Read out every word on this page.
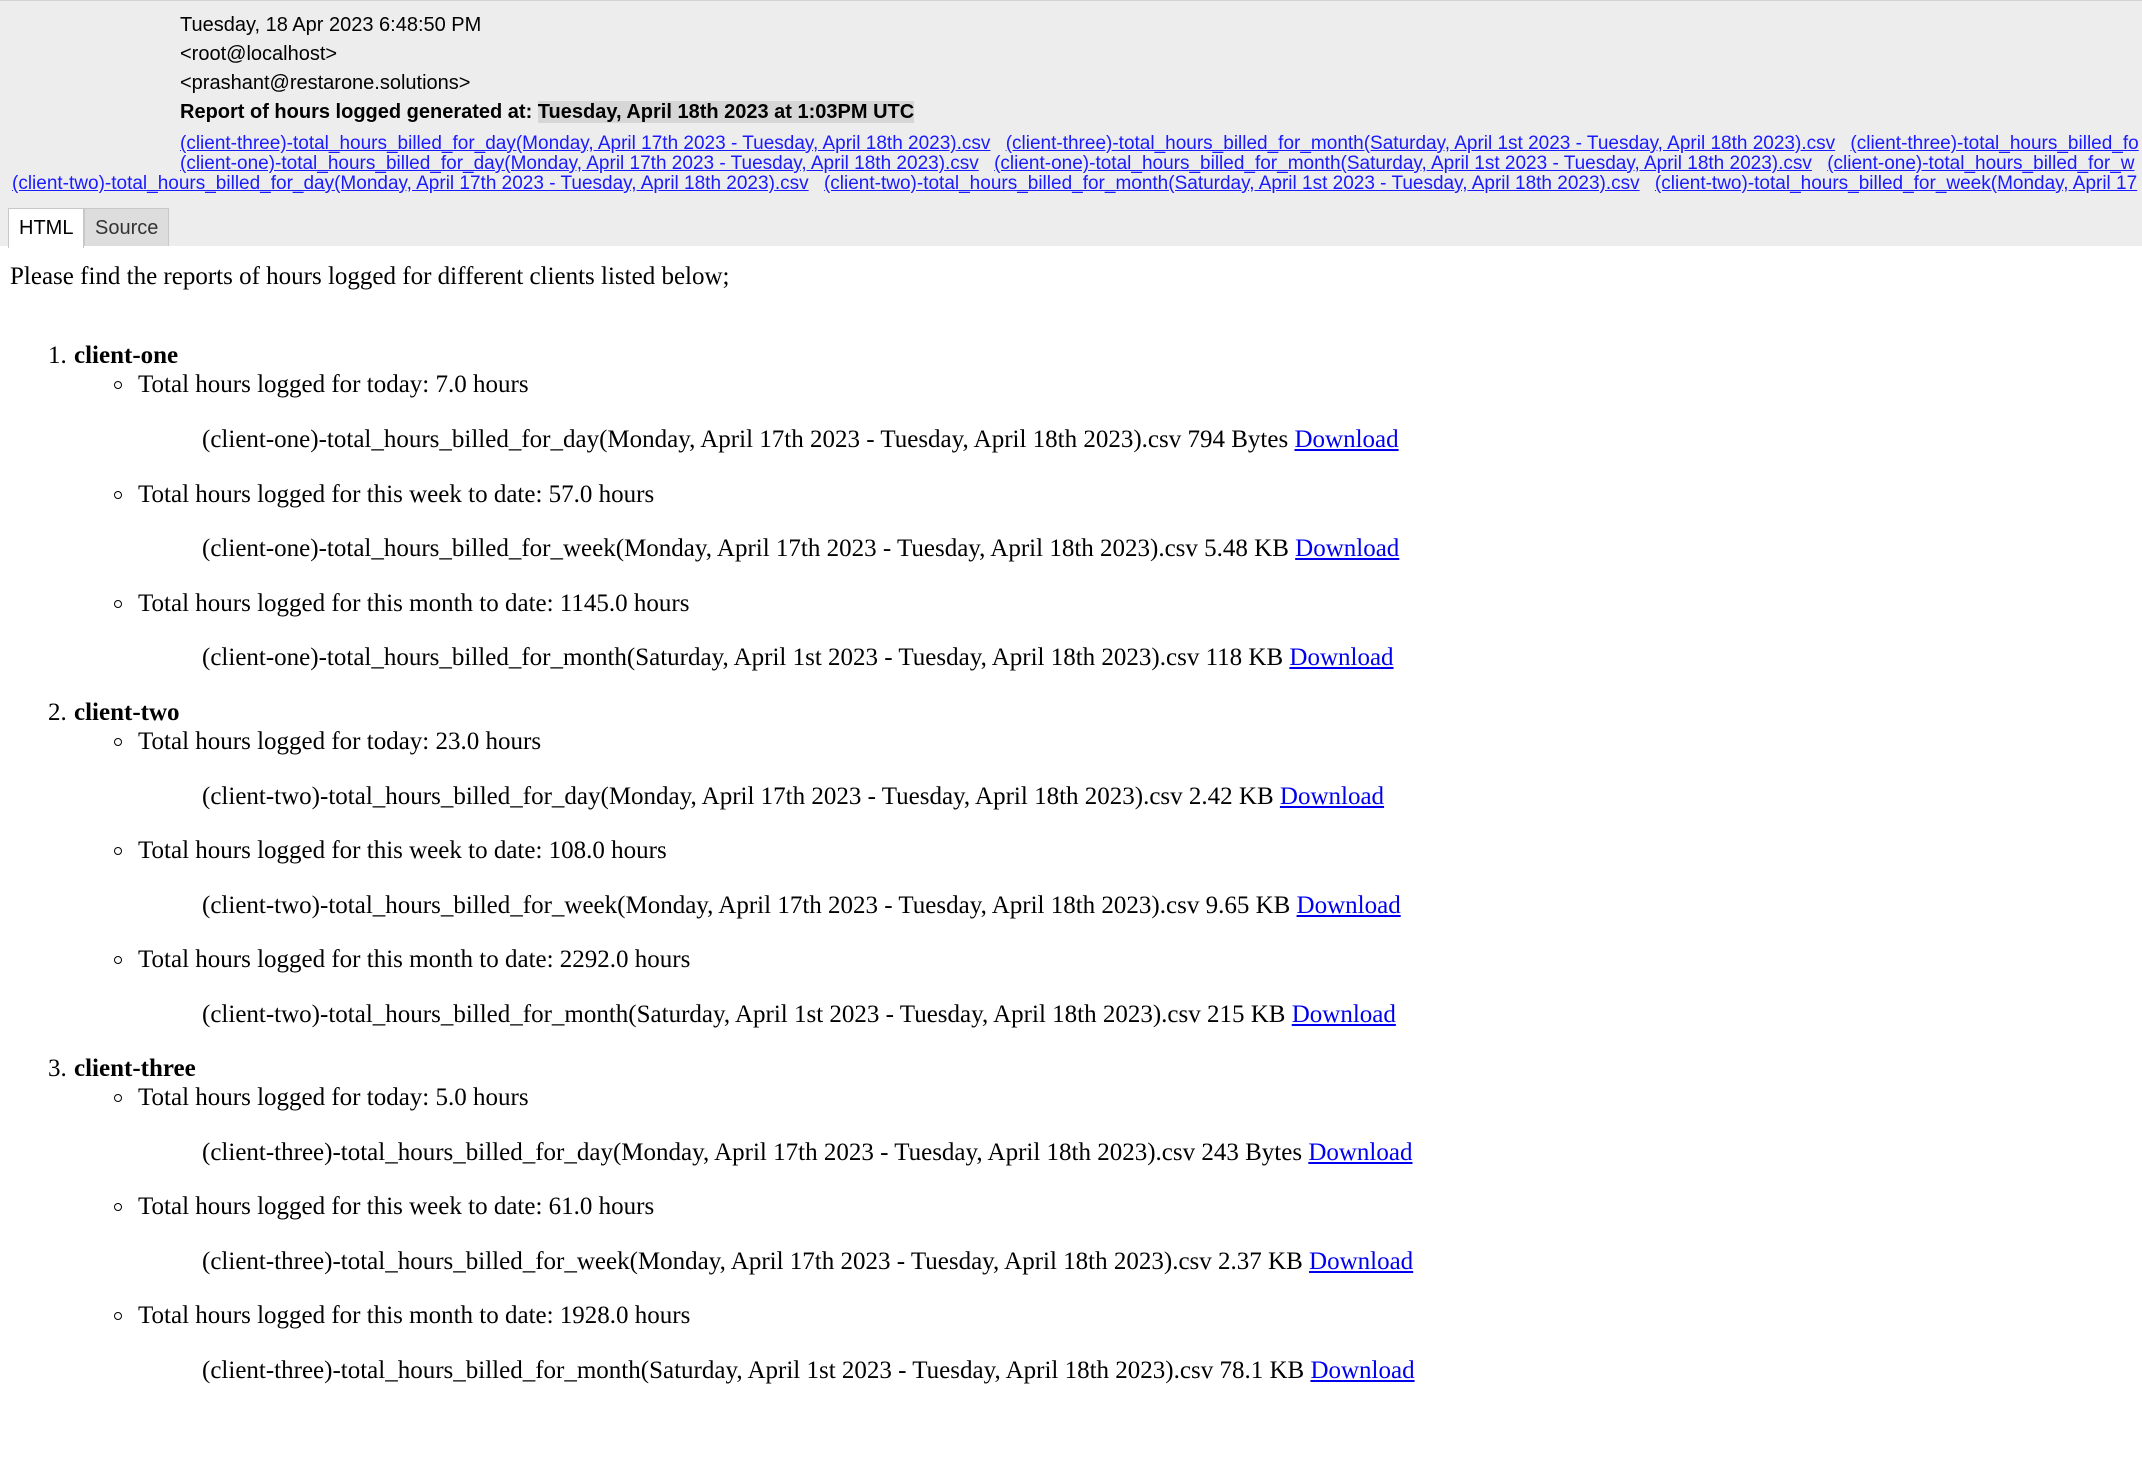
Tuesday, 18 Apr 2023 6:48:50 PM
<root@localhost>
<prashant@restarone.solutions>
Report of hours logged generated at: Tuesday, April 18th 2023 at 1:03PM UTC
(client-three)-total_hours_billed_for_day(Monday, April 17th 2023 - Tuesday, April 18th 2023).csv (client-three)-total_hours_billed_for_month(Saturday, April 1st 2023 - Tuesday, April 18th 2023).csv (client-three)-total_hours_billed_fo
(client-one)-total_hours_billed_for_day(Monday, April 17th 2023 - Tuesday, April 18th 2023).csv (client-one)-total_hours_billed_for_month(Saturday, April 1st 2023 - Tuesday, April 18th 2023).csv (client-one)-total_hours_billed_for_w
(client-two)-total_hours_billed_for_day(Monday, April 17th 2023 - Tuesday, April 18th 2023).csv (client-two)-total_hours_billed_for_month(Saturday, April 1st 2023 - Tuesday, April 18th 2023).csv (client-two)-total_hours_billed_for_week(Monday, April 17
HTML	Source
Please find the reports of hours logged for different clients listed below;
1. client-one
Total hours logged for today: 7.0 hours
(client-one)-total_hours_billed_for_day(Monday, April 17th 2023 - Tuesday, April 18th 2023).csv 794 Bytes Download
Total hours logged for this week to date: 57.0 hours
(client-one)-total_hours_billed_for_week(Monday, April 17th 2023 - Tuesday, April 18th 2023).csv 5.48 KB Download
Total hours logged for this month to date: 1145.0 hours
(client-one)-total_hours_billed_for_month(Saturday, April 1st 2023 - Tuesday, April 18th 2023).csv 118 KB Download
2. client-two
Total hours logged for today: 23.0 hours
(client-two)-total_hours_billed_for_day(Monday, April 17th 2023 - Tuesday, April 18th 2023).csv 2.42 KB Download
Total hours logged for this week to date: 108.0 hours
(client-two)-total_hours_billed_for_week(Monday, April 17th 2023 - Tuesday, April 18th 2023).csv 9.65 KB Download
Total hours logged for this month to date: 2292.0 hours
(client-two)-total_hours_billed_for_month(Saturday, April 1st 2023 - Tuesday, April 18th 2023).csv 215 KB Download
3. client-three
Total hours logged for today: 5.0 hours
(client-three)-total_hours_billed_for_day(Monday, April 17th 2023 - Tuesday, April 18th 2023).csv 243 Bytes Download
Total hours logged for this week to date: 61.0 hours
(client-three)-total_hours_billed_for_week(Monday, April 17th 2023 - Tuesday, April 18th 2023).csv 2.37 KB Download
Total hours logged for this month to date: 1928.0 hours
(client-three)-total_hours_billed_for_month(Saturday, April 1st 2023 - Tuesday, April 18th 2023).csv 78.1 KB Download
